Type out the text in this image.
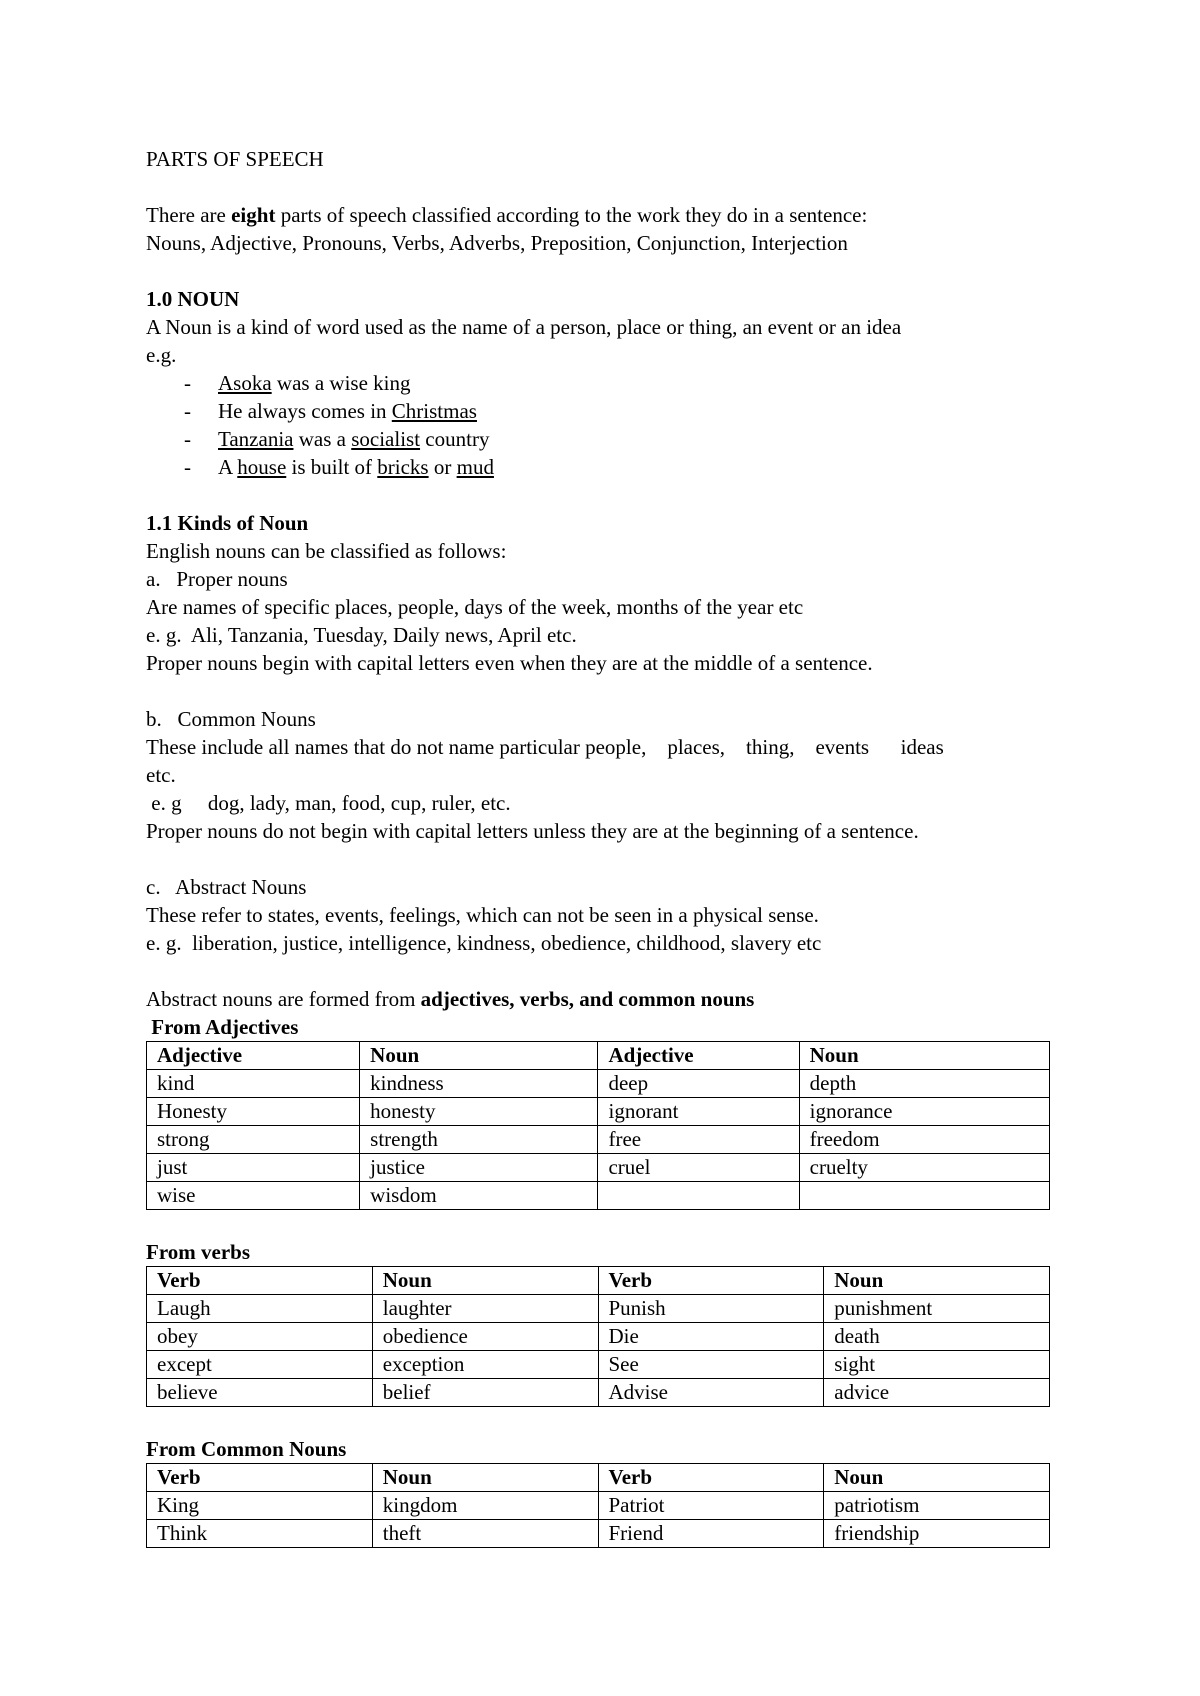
PARTS OF SPEECH

There are eight parts of speech classified according to the work they do in a sentence:

Nouns, Adjective, Pronouns, Verbs, Adverbs, Preposition, Conjunction, Interjection

1.0 NOUN

A Noun is a kind of word used as the name of a person, place or thing, an event or an idea

e.g.

- Asoka was a wise king
- He always comes in Christmas
- Tanzania was a socialist country
- A house is built of bricks or mud

1.1 Kinds of Noun

English nouns can be classified as follows:

a.   Proper nouns

Are names of specific places, people, days of the week, months of the year etc

e. g.  Ali, Tanzania, Tuesday, Daily news, April etc.

Proper nouns begin with capital letters even when they are at the middle of a sentence.

b.   Common Nouns

These include all names that do not name particular people,    places,    thing,    events      ideas

etc.

e. g     dog, lady, man, food, cup, ruler, etc.

Proper nouns do not begin with capital letters unless they are at the beginning of a sentence.

c.   Abstract Nouns

These refer to states, events, feelings, which can not be seen in a physical sense.

e. g.  liberation, justice, intelligence, kindness, obedience, childhood, slavery etc

Abstract nouns are formed from adjectives, verbs, and common nouns

From Adjectives

Adjective	Noun	Adjective	Noun
kind	kindness	deep	depth
Honesty	honesty	ignorant	ignorance
strong	strength	free	freedom
just	justice	cruel	cruelty
wise	wisdom		

From verbs

Verb	Noun	Verb	Noun
Laugh	laughter	Punish	punishment
obey	obedience	Die	death
except	exception	See	sight
believe	belief	Advise	advice

From Common Nouns

Verb	Noun	Verb	Noun
King	kingdom	Patriot	patriotism
Think	theft	Friend	friendship
